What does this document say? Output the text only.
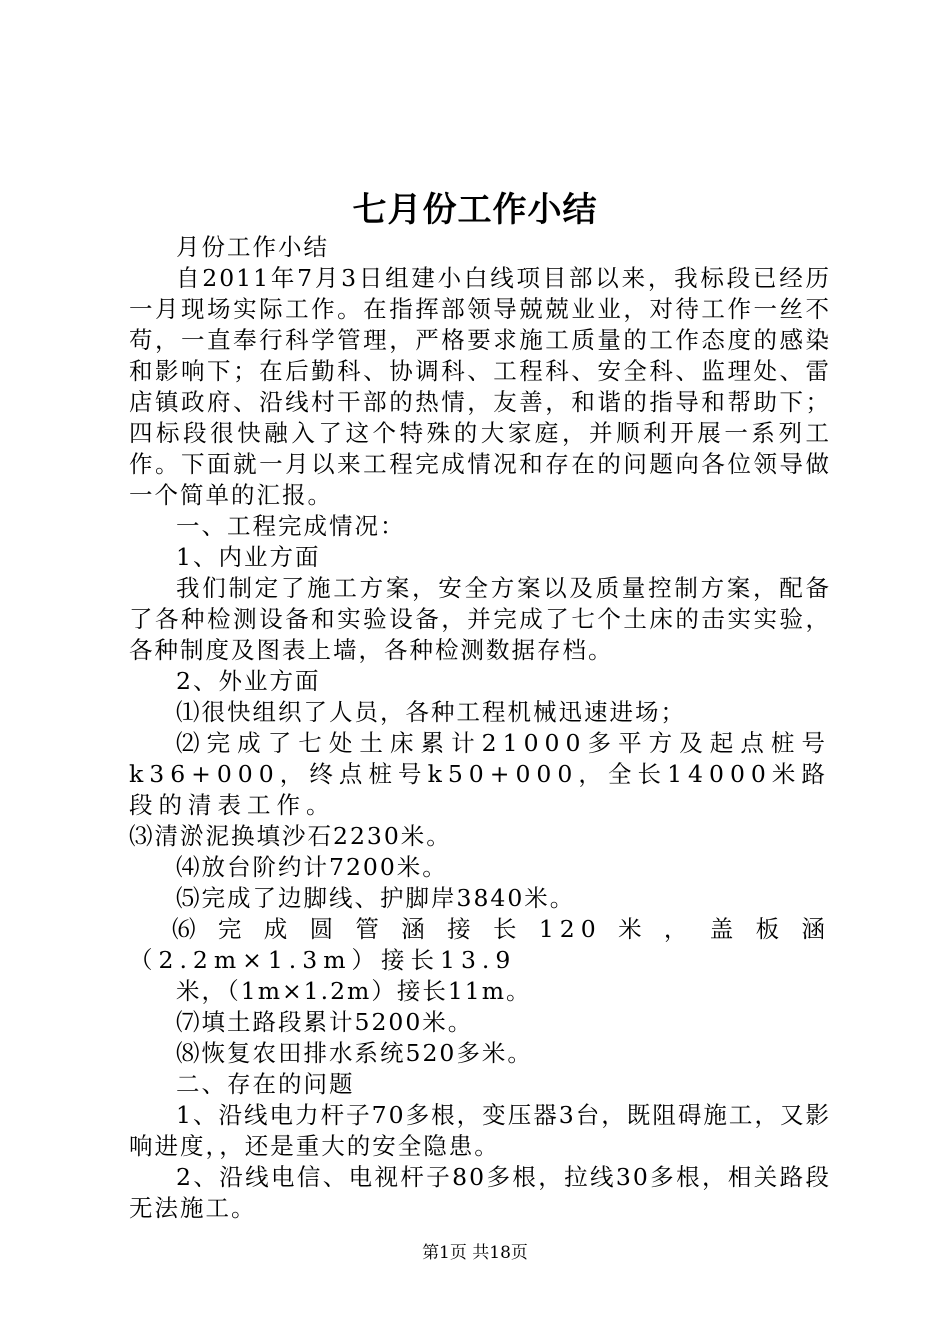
七月份工作小结

月份工作小结

自2011年7月3日组建小白线项目部以来，我标段已经历一月现场实际工作。在指挥部领导兢兢业业，对待工作一丝不苟，一直奉行科学管理，严格要求施工质量的工作态度的感染和影响下；在后勤科、协调科、工程科、安全科、监理处、雷店镇政府、沿线村干部的热情，友善，和谐的指导和帮助下；四标段很快融入了这个特殊的大家庭，并顺利开展一系列工作。下面就一月以来工程完成情况和存在的问题向各位领导做一个简单的汇报。

一、工程完成情况：

1、内业方面

我们制定了施工方案，安全方案以及质量控制方案，配备了各种检测设备和实验设备，并完成了七个土床的击实实验，各种制度及图表上墙，各种检测数据存档。

2、外业方面

⑴很快组织了人员，各种工程机械迅速进场；

⑵完成了七处土床累计21000多平方及起点桩号k36+000，终点桩号k50+000，全长14000米路段的清表工作。

⑶清淤泥换填沙石2230米。

⑷放台阶约计7200米。

⑸完成了边脚线、护脚岸3840米。

⑹完成圆管涵接长120米，盖板涵（2.2m×1.3m）接长13.9

米，（1m×1.2m）接长11m。

⑺填土路段累计5200米。

⑻恢复农田排水系统520多米。

二、存在的问题

1、沿线电力杆子70多根，变压器3台，既阻碍施工，又影响进度，，还是重大的安全隐患。

2、沿线电信、电视杆子80多根，拉线30多根，相关路段无法施工。

第1页 共18页
